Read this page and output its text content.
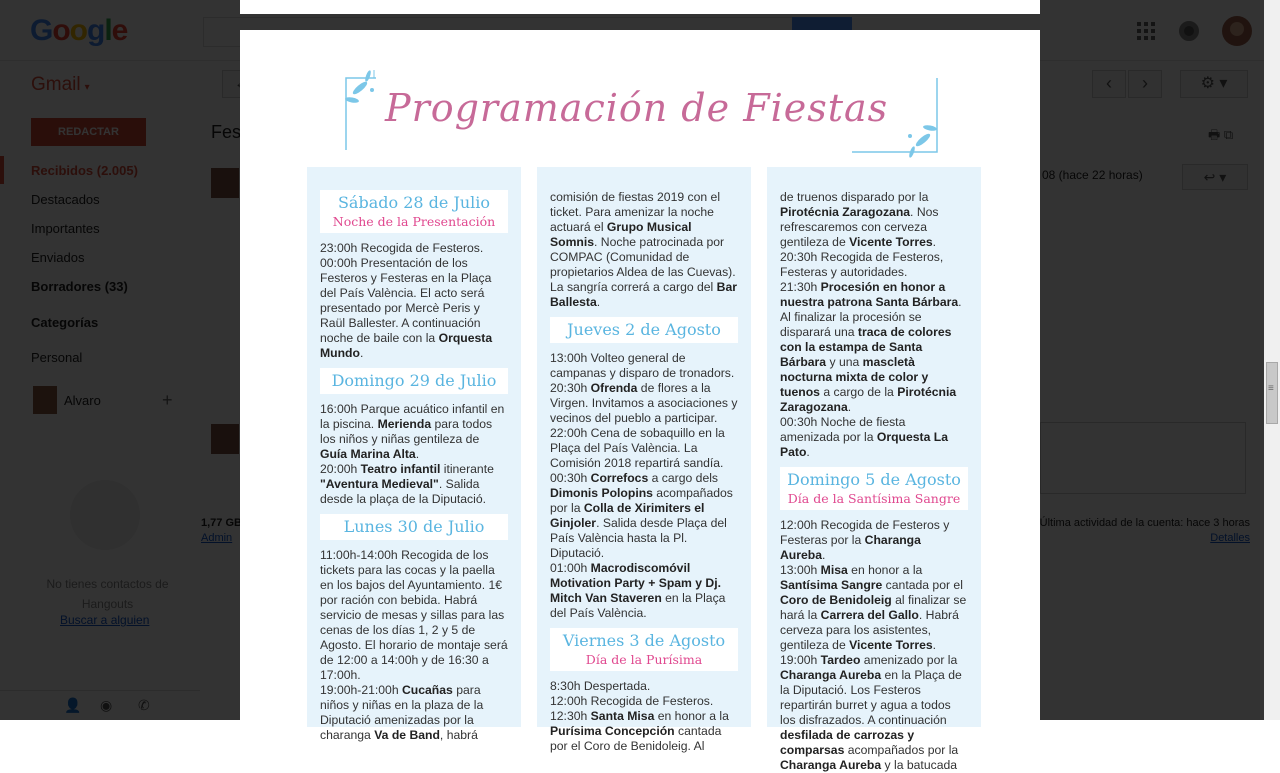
Programación de Fiestas
Sábado 28 de Julio
Noche de la Presentación

23:00h Recogida de Festeros.
00:00h Presentación de los Festeros y Festeras en la Plaça del País València. El acto será presentado por Mercè Peris y Raül Ballester. A continuación noche de baile con la Orquesta Mundo.

Domingo 29 de Julio

16:00h Parque acuático infantil en la piscina. Merienda para todos los niños y niñas gentileza de Guía Marina Alta.
20:00h Teatro infantil itinerante "Aventura Medieval". Salida desde la plaça de la Diputació.

Lunes 30 de Julio

11:00h-14:00h Recogida de los tickets para las cocas y la paella en los bajos del Ayuntamiento. 1€ por ración con bebida. Habrá servicio de mesas y sillas para las cenas de los días 1, 2 y 5 de Agosto. El horario de montaje será de 12:00 a 14:00h y de 16:30 a 17:00h.
19:00h-21:00h Cucañas para niños y niñas en la plaza de la Diputació amenizadas por la charanga Va de Band, habrá

comisión de fiestas 2019 con el ticket. Para amenizar la noche actuará el Grupo Musical Somnis. Noche patrocinada por COMPAC (Comunidad de propietarios Aldea de las Cuevas). La sangría correrá a cargo del Bar Ballesta.

Jueves 2 de Agosto

13:00h Volteo general de campanas y disparo de tronadors.
20:30h Ofrenda de flores a la Virgen. Invitamos a asociaciones y vecinos del pueblo a participar.
22:00h Cena de sobaquillo en la Plaça del País València. La Comisión 2018 repartirá sandía.
00:30h Correfocs a cargo dels Dimonis Polopins acompañados por la Colla de Xirimiters el Ginjoler. Salida desde Plaça del País València hasta la Pl. Diputació.
01:00h Macrodiscomóvil Motivation Party + Spam y Dj. Mitch Van Staveren en la Plaça del País València.

Viernes 3 de Agosto
Día de la Purísima

8:30h Despertada.
12:00h Recogida de Festeros.
12:30h Santa Misa en honor a la Purísima Concepción cantada por el Coro de Benidoleig. Al

de truenos disparado por la Pirotécnia Zaragozana. Nos refrescaremos con cerveza gentileza de Vicente Torres.
20:30h Recogida de Festeros, Festeras y autoridades.
21:30h Procesión en honor a nuestra patrona Santa Bárbara. Al finalizar la procesión se disparará una traca de colores con la estampa de Santa Bárbara y una mascletà nocturna mixta de color y tuenos a cargo de la Pirotécnia Zaragozana.
00:30h Noche de fiesta amenizada por la Orquesta La Pato.

Domingo 5 de Agosto
Día de la Santísima Sangre

12:00h Recogida de Festeros y Festeras por la Charanga Aureba.
13:00h Misa en honor a la Santísima Sangre cantada por el Coro de Benidoleig al finalizar se hará la Carrera del Gallo. Habrá cerveza para los asistentes, gentileza de Vicente Torres.
19:00h Tardeo amenizado por la Charanga Aureba en la Plaça de la Diputació. Los Festeros repartirán burret y agua a todos los disfrazados. A continuación desfilada de carrozas y comparsas acompañados por la Charanga Aureba y la batucada

≡
